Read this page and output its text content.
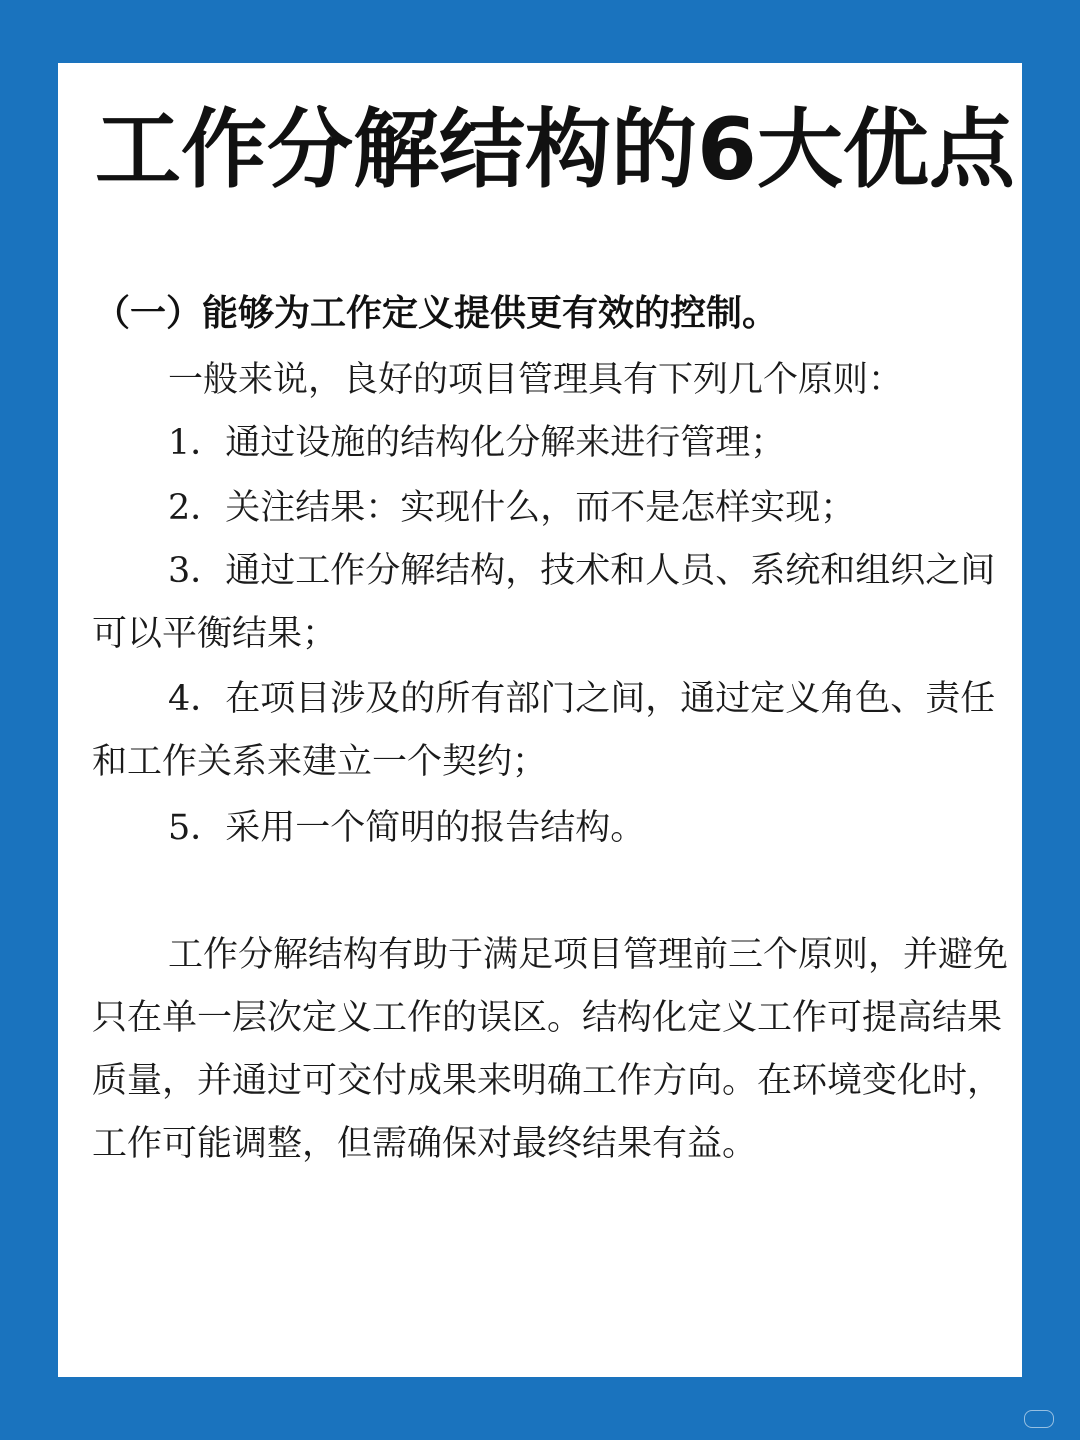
工作分解结构的6大优点
（一）能够为工作定义提供更有效的控制。

一般来说，良好的项目管理具有下列几个原则：

1．通过设施的结构化分解来进行管理；

2．关注结果：实现什么，而不是怎样实现；

3．通过工作分解结构，技术和人员、系统和组织之间可以平衡结果；

4．在项目涉及的所有部门之间，通过定义角色、责任和工作关系来建立一个契约；

5．采用一个简明的报告结构。

工作分解结构有助于满足项目管理前三个原则，并避免只在单一层次定义工作的误区。结构化定义工作可提高结果质量，并通过可交付成果来明确工作方向。在环境变化时，工作可能调整，但需确保对最终结果有益。
